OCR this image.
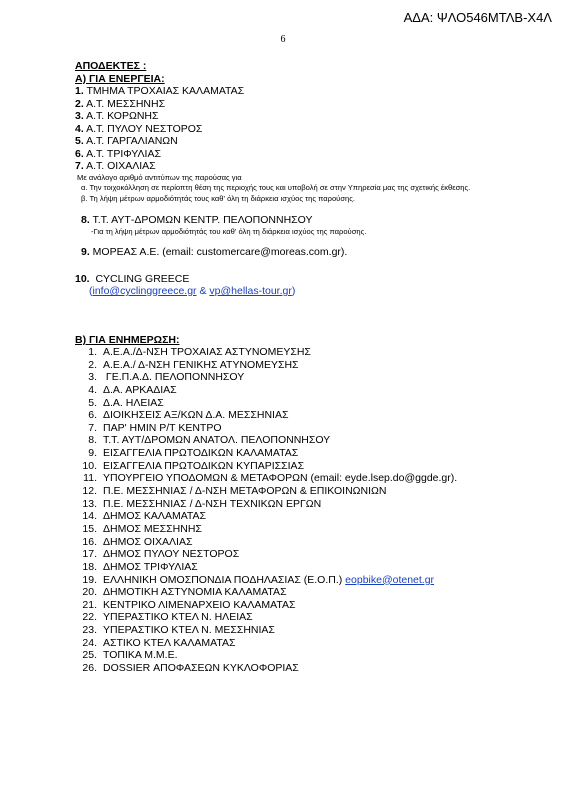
ΑΔΑ: ΨΛΟ546ΜΤΛΒ-Χ4Λ
6
ΑΠΟΔΕΚΤΕΣ :
Α) ΓΙΑ ΕΝΕΡΓΕΙΑ:
1. ΤΜΗΜΑ ΤΡΟΧΑΙΑΣ ΚΑΛΑΜΑΤΑΣ
2. Α.Τ. ΜΕΣΣΗΝΗΣ
3. Α.Τ. ΚΟΡΩΝΗΣ
4. Α.Τ. ΠΥΛΟΥ ΝΕΣΤΟΡΟΣ
5. Α.Τ. ΓΑΡΓΑΛΙΑΝΩΝ
6. Α.Τ. ΤΡΙΦΥΛΙΑΣ
7. Α.Τ. ΟΙΧΑΛΙΑΣ
Με ανάλογο αριθμό αντιτύπων της παρούσας για
α. Την τοιχοκόλληση σε περίοπτη θέση της περιοχής τους και υποβολή σε στην Υπηρεσία μας της σχετικής έκθεσης.
β. Τη λήψη μέτρων αρμοδιότητάς τους καθ' όλη τη διάρκεια ισχύος της παρούσης.
8. Τ.Τ. ΑΥΤ-ΔΡΟΜΩΝ ΚΕΝΤΡ. ΠΕΛΟΠΟΝΝΗΣΟΥ
-Για τη λήψη μέτρων αρμοδιότητάς του καθ' όλη τη διάρκεια ισχύος της παρούσης.
9. ΜΟΡΕΑΣ Α.Ε. (email: customercare@moreas.com.gr).
10. CYCLING GREECE
(info@cyclinggreece.gr & vp@hellas-tour.gr)
Β) ΓΙΑ ΕΝΗΜΕΡΩΣΗ:
1. Α.Ε.Α./Δ-ΝΣΗ ΤΡΟΧΑΙΑΣ ΑΣΤΥΝΟΜΕΥΣΗΣ
2. Α.Ε.Α./ Δ-ΝΣΗ ΓΕΝΙΚΗΣ ΑΤΥΝΟΜΕΥΣΗΣ
3. ΓΕ.Π.Α.Δ. ΠΕΛΟΠΟΝΝΗΣΟΥ
4. Δ.Α. ΑΡΚΑΔΙΑΣ
5. Δ.Α. ΗΛΕΙΑΣ
6. ΔΙΟΙΚΗΣΕΙΣ ΑΞ/ΚΩΝ Δ.Α. ΜΕΣΣΗΝΙΑΣ
7. ΠΑΡ' ΗΜΙΝ Ρ/Τ ΚΕΝΤΡΟ
8. Τ.Τ. ΑΥΤ/ΔΡΟΜΩΝ ΑΝΑΤΟΛ. ΠΕΛΟΠΟΝΝΗΣΟΥ
9. ΕΙΣΑΓΓΕΛΙΑ ΠΡΩΤΟΔΙΚΩΝ ΚΑΛΑΜΑΤΑΣ
10. ΕΙΣΑΓΓΕΛΙΑ ΠΡΩΤΟΔΙΚΩΝ ΚΥΠΑΡΙΣΣΙΑΣ
11. ΥΠΟΥΡΓΕΙΟ ΥΠΟΔΟΜΩΝ & ΜΕΤΑΦΟΡΩΝ (email: eyde.lsep.do@ggde.gr).
12. Π.Ε. ΜΕΣΣΗΝΙΑΣ / Δ-ΝΣΗ ΜΕΤΑΦΟΡΩΝ & ΕΠΙΚΟΙΝΩΝΙΩΝ
13. Π.Ε. ΜΕΣΣΗΝΙΑΣ / Δ-ΝΣΗ ΤΕΧΝΙΚΩΝ ΕΡΓΩΝ
14. ΔΗΜΟΣ ΚΑΛΑΜΑΤΑΣ
15. ΔΗΜΟΣ ΜΕΣΣΗΝΗΣ
16. ΔΗΜΟΣ ΟΙΧΑΛΙΑΣ
17. ΔΗΜΟΣ ΠΥΛΟΥ ΝΕΣΤΟΡΟΣ
18. ΔΗΜΟΣ ΤΡΙΦΥΛΙΑΣ
19. ΕΛΛΗΝΙΚΗ ΟΜΟΣΠΟΝΔΙΑ ΠΟΔΗΛΑΣΙΑΣ (Ε.Ο.Π.) eopbike@otenet.gr
20. ΔΗΜΟΤΙΚΗ ΑΣΤΥΝΟΜΙΑ ΚΑΛΑΜΑΤΑΣ
21. ΚΕΝΤΡΙΚΟ ΛΙΜΕΝΑΡΧΕΙΟ ΚΑΛΑΜΑΤΑΣ
22. ΥΠΕΡΑΣΤΙΚΟ ΚΤΕΛ Ν. ΗΛΕΙΑΣ
23. ΥΠΕΡΑΣΤΙΚΟ ΚΤΕΛ Ν. ΜΕΣΣΗΝΙΑΣ
24. ΑΣΤΙΚΟ ΚΤΕΛ ΚΑΛΑΜΑΤΑΣ
25. ΤΟΠΙΚΑ Μ.Μ.Ε.
26. DOSSIER ΑΠΟΦΑΣΕΩΝ ΚΥΚΛΟΦΟΡΙΑΣ
